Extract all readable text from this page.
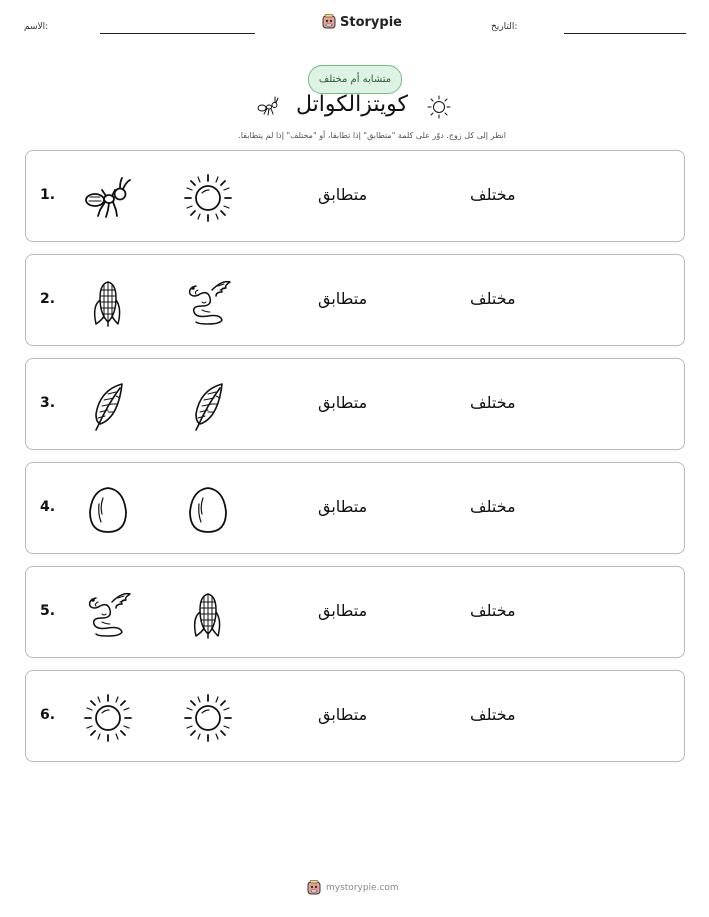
الاسم:	Storypie	التاريخ:
متشابه أم مختلف
كويتزالكواتل
انظر إلى كل زوج. دوّر على كلمة "متطابق" إذا تطابقا، أو "مختلف" إذا لم يتطابقا.
1.	متطابق	مختلف
2.	متطابق	مختلف
3.	متطابق	مختلف
4.	متطابق	مختلف
5.	متطابق	مختلف
6.	متطابق	مختلف
mystorypie.com
